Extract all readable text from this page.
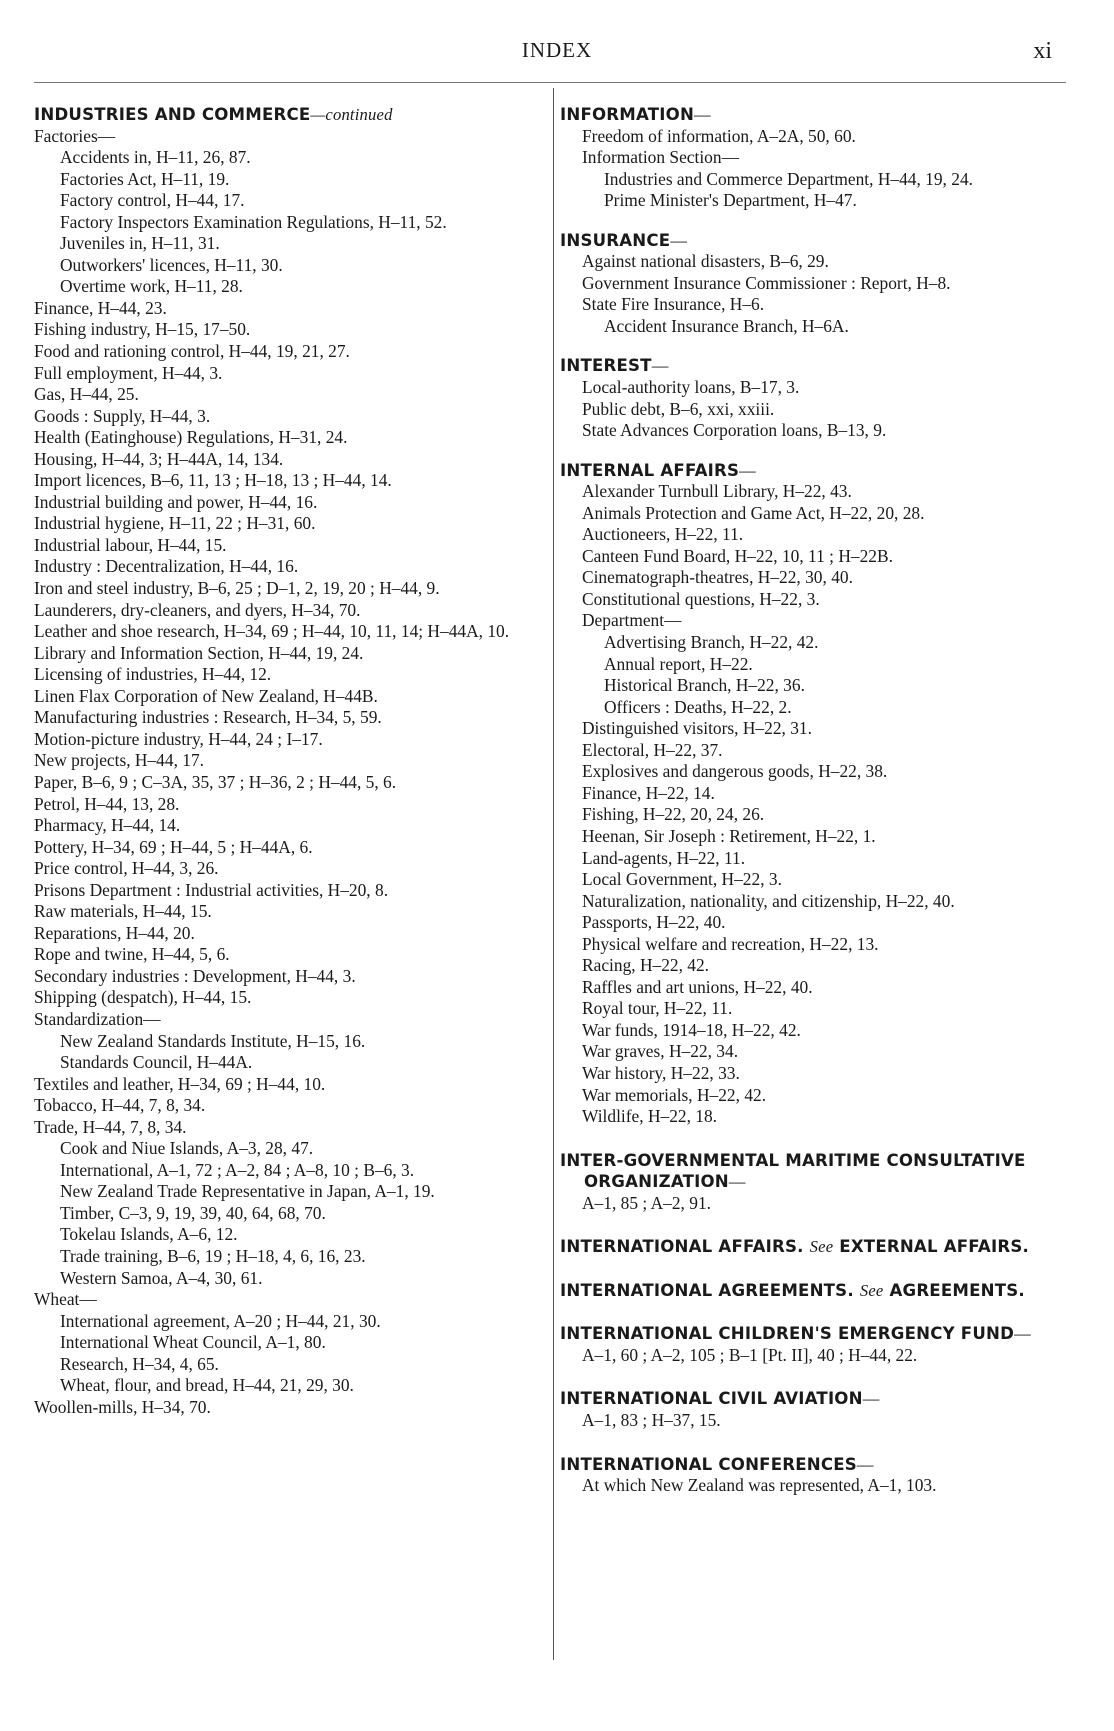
INDEX	xi
INDUSTRIES AND COMMERCE—continued

Factories—

Accidents in, H–11, 26, 87.

Factories Act, H–11, 19.

Factory control, H–44, 17.

Factory Inspectors Examination Regulations, H–11, 52.

Juveniles in, H–11, 31.

Outworkers' licences, H–11, 30.

Overtime work, H–11, 28.

Finance, H–44, 23.

Fishing industry, H–15, 17–50.

Food and rationing control, H–44, 19, 21, 27.

Full employment, H–44, 3.

Gas, H–44, 25.

Goods : Supply, H–44, 3.

Health (Eatinghouse) Regulations, H–31, 24.

Housing, H–44, 3; H–44A, 14, 134.

Import licences, B–6, 11, 13 ; H–18, 13 ; H–44, 14.

Industrial building and power, H–44, 16.

Industrial hygiene, H–11, 22 ; H–31, 60.

Industrial labour, H–44, 15.

Industry : Decentralization, H–44, 16.

Iron and steel industry, B–6, 25 ; D–1, 2, 19, 20 ; H–44, 9.

Launderers, dry-cleaners, and dyers, H–34, 70.

Leather and shoe research, H–34, 69 ; H–44, 10, 11, 14; H–44A, 10.

Library and Information Section, H–44, 19, 24.

Licensing of industries, H–44, 12.

Linen Flax Corporation of New Zealand, H–44B.

Manufacturing industries : Research, H–34, 5, 59.

Motion-picture industry, H–44, 24 ; I–17.

New projects, H–44, 17.

Paper, B–6, 9 ; C–3A, 35, 37 ; H–36, 2 ; H–44, 5, 6.

Petrol, H–44, 13, 28.

Pharmacy, H–44, 14.

Pottery, H–34, 69 ; H–44, 5 ; H–44A, 6.

Price control, H–44, 3, 26.

Prisons Department : Industrial activities, H–20, 8.

Raw materials, H–44, 15.

Reparations, H–44, 20.

Rope and twine, H–44, 5, 6.

Secondary industries : Development, H–44, 3.

Shipping (despatch), H–44, 15.

Standardization—

New Zealand Standards Institute, H–15, 16.

Standards Council, H–44A.

Textiles and leather, H–34, 69 ; H–44, 10.

Tobacco, H–44, 7, 8, 34.

Trade, H–44, 7, 8, 34.

Cook and Niue Islands, A–3, 28, 47.

International, A–1, 72 ; A–2, 84 ; A–8, 10 ; B–6, 3.

New Zealand Trade Representative in Japan, A–1, 19.

Timber, C–3, 9, 19, 39, 40, 64, 68, 70.

Tokelau Islands, A–6, 12.

Trade training, B–6, 19 ; H–18, 4, 6, 16, 23.

Western Samoa, A–4, 30, 61.

Wheat—

International agreement, A–20 ; H–44, 21, 30.

International Wheat Council, A–1, 80.

Research, H–34, 4, 65.

Wheat, flour, and bread, H–44, 21, 29, 30.

Woollen-mills, H–34, 70.

INFORMATION—

Freedom of information, A–2A, 50, 60.

Information Section—

Industries and Commerce Department, H–44, 19, 24.

Prime Minister's Department, H–47.

INSURANCE—

Against national disasters, B–6, 29.

Government Insurance Commissioner : Report, H–8.

State Fire Insurance, H–6.

Accident Insurance Branch, H–6A.

INTEREST—

Local-authority loans, B–17, 3.

Public debt, B–6, xxi, xxiii.

State Advances Corporation loans, B–13, 9.

INTERNAL AFFAIRS—

Alexander Turnbull Library, H–22, 43.

Animals Protection and Game Act, H–22, 20, 28.

Auctioneers, H–22, 11.

Canteen Fund Board, H–22, 10, 11 ; H–22B.

Cinematograph-theatres, H–22, 30, 40.

Constitutional questions, H–22, 3.

Department—

Advertising Branch, H–22, 42.

Annual report, H–22.

Historical Branch, H–22, 36.

Officers : Deaths, H–22, 2.

Distinguished visitors, H–22, 31.

Electoral, H–22, 37.

Explosives and dangerous goods, H–22, 38.

Finance, H–22, 14.

Fishing, H–22, 20, 24, 26.

Heenan, Sir Joseph : Retirement, H–22, 1.

Land-agents, H–22, 11.

Local Government, H–22, 3.

Naturalization, nationality, and citizenship, H–22, 40.

Passports, H–22, 40.

Physical welfare and recreation, H–22, 13.

Racing, H–22, 42.

Raffles and art unions, H–22, 40.

Royal tour, H–22, 11.

War funds, 1914–18, H–22, 42.

War graves, H–22, 34.

War history, H–22, 33.

War memorials, H–22, 42.

Wildlife, H–22, 18.

INTER-GOVERNMENTAL MARITIME CONSULTATIVE ORGANIZATION—

A–1, 85 ; A–2, 91.

INTERNATIONAL AFFAIRS. See EXTERNAL AFFAIRS.
INTERNATIONAL AGREEMENTS. See AGREEMENTS.
INTERNATIONAL CHILDREN'S EMERGENCY FUND—

A–1, 60 ; A–2, 105 ; B–1 [Pt. II], 40 ; H–44, 22.

INTERNATIONAL CIVIL AVIATION—

A–1, 83 ; H–37, 15.

INTERNATIONAL CONFERENCES—

At which New Zealand was represented, A–1, 103.
